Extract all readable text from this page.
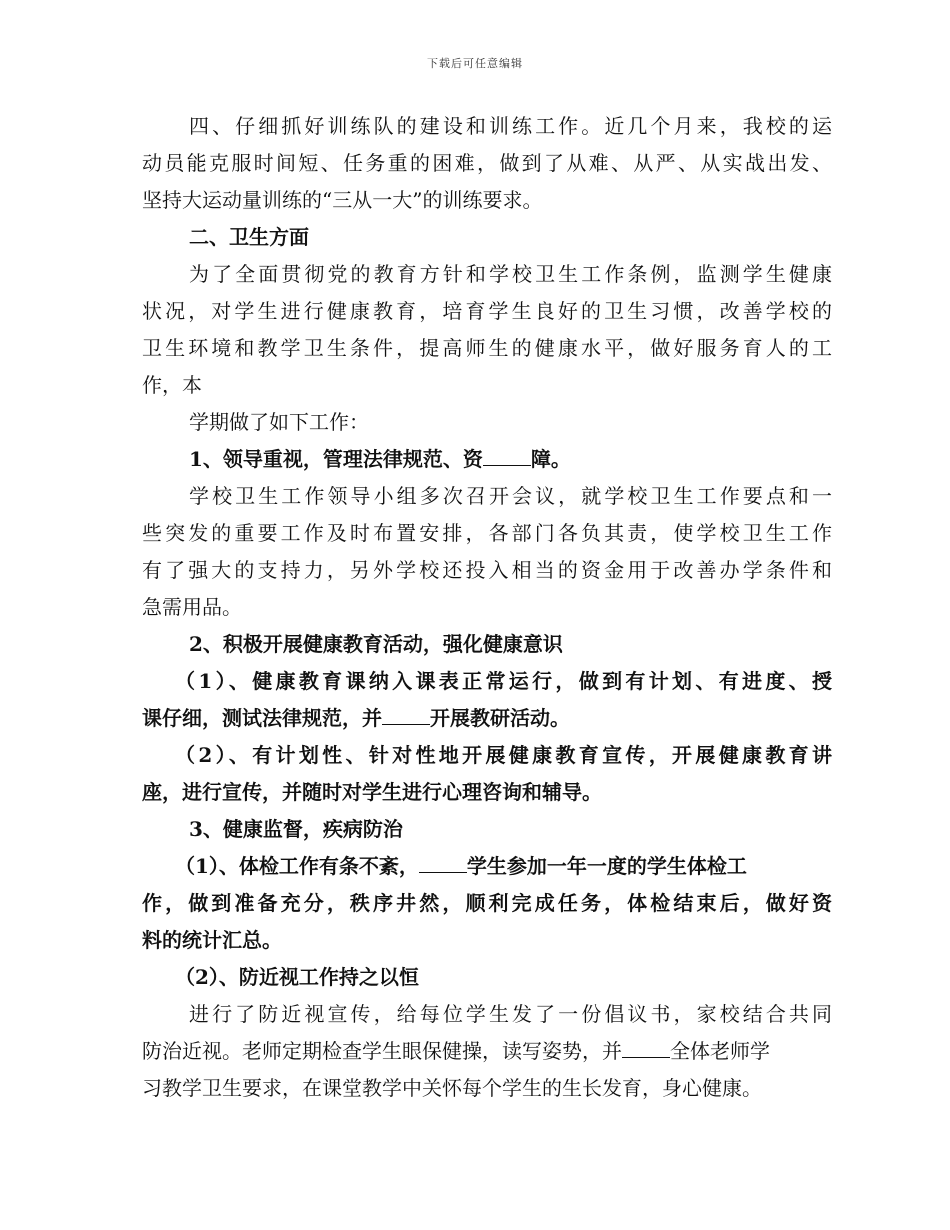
下载后可任意编辑
四、仔细抓好训练队的建设和训练工作。近几个月来，我校的运
动员能克服时间短、任务重的困难，做到了从难、从严、从实战出发、
坚持大运动量训练的“三从一大”的训练要求。
二、卫生方面
为了全面贯彻党的教育方针和学校卫生工作条例，监测学生健康
状况，对学生进行健康教育，培育学生良好的卫生习惯，改善学校的
卫生环境和教学卫生条件，提高师生的健康水平，做好服务育人的工
作，本
学期做了如下工作：
1、领导重视，管理法律规范、资 障。
学校卫生工作领导小组多次召开会议，就学校卫生工作要点和一
些突发的重要工作及时布置安排，各部门各负其责，使学校卫生工作
有了强大的支持力，另外学校还投入相当的资金用于改善办学条件和
急需用品。
2、积极开展健康教育活动，强化健康意识
（1）、健康教育课纳入课表正常运行，做到有计划、有进度、授
课仔细，测试法律规范，并 开展教研活动。
（2）、有计划性、针对性地开展健康教育宣传，开展健康教育讲
座，进行宣传，并随时对学生进行心理咨询和辅导。
3、健康监督，疾病防治
（1）、体检工作有条不紊， 学生参加一年一度的学生体检工
作，做到准备充分，秩序井然，顺利完成任务，体检结束后，做好资
料的统计汇总。
（2）、防近视工作持之以恒
进行了防近视宣传，给每位学生发了一份倡议书，家校结合共同
防治近视。老师定期检查学生眼保健操，读写姿势，并 全体老师学
习教学卫生要求，在课堂教学中关怀每个学生的生长发育，身心健康。
